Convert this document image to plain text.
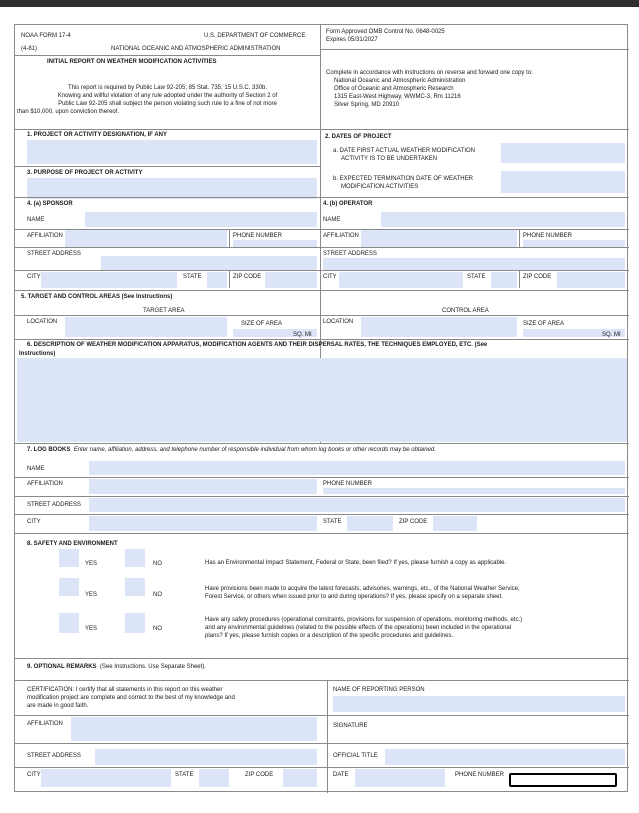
NOAA FORM 17-4	U.S. DEPARTMENT OF COMMERCE
(4-81)	NATIONAL OCEANIC AND ATMOSPHERIC ADMINISTRATION
INITIAL REPORT ON WEATHER MODIFICATION ACTIVITIES
This report is required by Public Law 92-205; 85 Stat. 735; 15 U.S.C. 330b.
Knowing and willful violation of any rule adopted under the authority of Section 2 of
Public Law 92-205 shall subject the person violating such rule to a fine of not more
than $10,000, upon conviction thereof.
Form Approved OMB Control No. 0648-0025
Expires 05/31/2027
Complete in accordance with instructions on reverse and forward one copy to:
National Oceanic and Atmospheric Administration
Office of Oceanic and Atmospheric Research
1315 East-West Highway, WWMC-3, Rm 11216
Silver Spring, MD 20910
1. PROJECT OR ACTIVITY DESIGNATION, IF ANY	2. DATES OF PROJECT
a. DATE FIRST ACTUAL WEATHER MODIFICATION
ACTIVITY IS TO BE UNDERTAKEN
3. PURPOSE OF PROJECT OR ACTIVITY
b. EXPECTED TERMINATION DATE OF WEATHER
MODIFICATION ACTIVITIES
4. (a) SPONSOR	4. (b) OPERATOR
NAME	NAME
AFFILIATION	PHONE NUMBER	AFFILIATION	PHONE NUMBER
STREET ADDRESS	STREET ADDRESS
CITY	STATE	ZIP CODE	CITY	STATE	ZIP CODE
5. TARGET AND CONTROL AREAS (See Instructions)
TARGET AREA	CONTROL AREA
LOCATION	SIZE OF AREA
SQ. MI
LOCATION	SIZE OF AREA
SQ. MI
6. DESCRIPTION OF WEATHER MODIFICATION APPARATUS, MODIFICATION AGENTS AND THEIR DISPERSAL RATES, THE TECHNIQUES EMPLOYED, ETC. (See
Instructions)
7. LOG BOOKS Enter name, affiliation, address, and telephone number of responsible individual from whom log books or other records may be obtained.
NAME
AFFILIATION	PHONE NUMBER
STREET ADDRESS
CITY	STATE	ZIP CODE
8. SAFETY AND ENVIRONMENT
YES	NO	Has an Environmental Impact Statement, Federal or State, been filed? If yes, please furnish a copy as applicable.
YES	NO
Have provisions been made to acquire the latest forecasts, advisories, warnings, etc., of the National Weather Service,
Forest Service, or others when issued prior to and during operations? If yes, please specify on a separate sheet.
YES	NO
Have any safety procedures (operational constraints, provisions for suspension of operations, monitoring methods, etc.)
and any environmental guidelines (related to the possible effects of the operations) been included in the operational
plans? If yes, please furnish copies or a description of the specific procedures and guidelines.
9. OPTIONAL REMARKS (See Instructions. Use Separate Sheet).
CERTIFICATION: I certify that all statements in this report on this weather
modification project are complete and correct to the best of my knowledge and
are made in good faith.
NAME OF REPORTING PERSON
AFFILIATION	SIGNATURE
STREET ADDRESS	OFFICIAL TITLE
CITY	STATE	ZIP CODE	DATE	PHONE NUMBER
